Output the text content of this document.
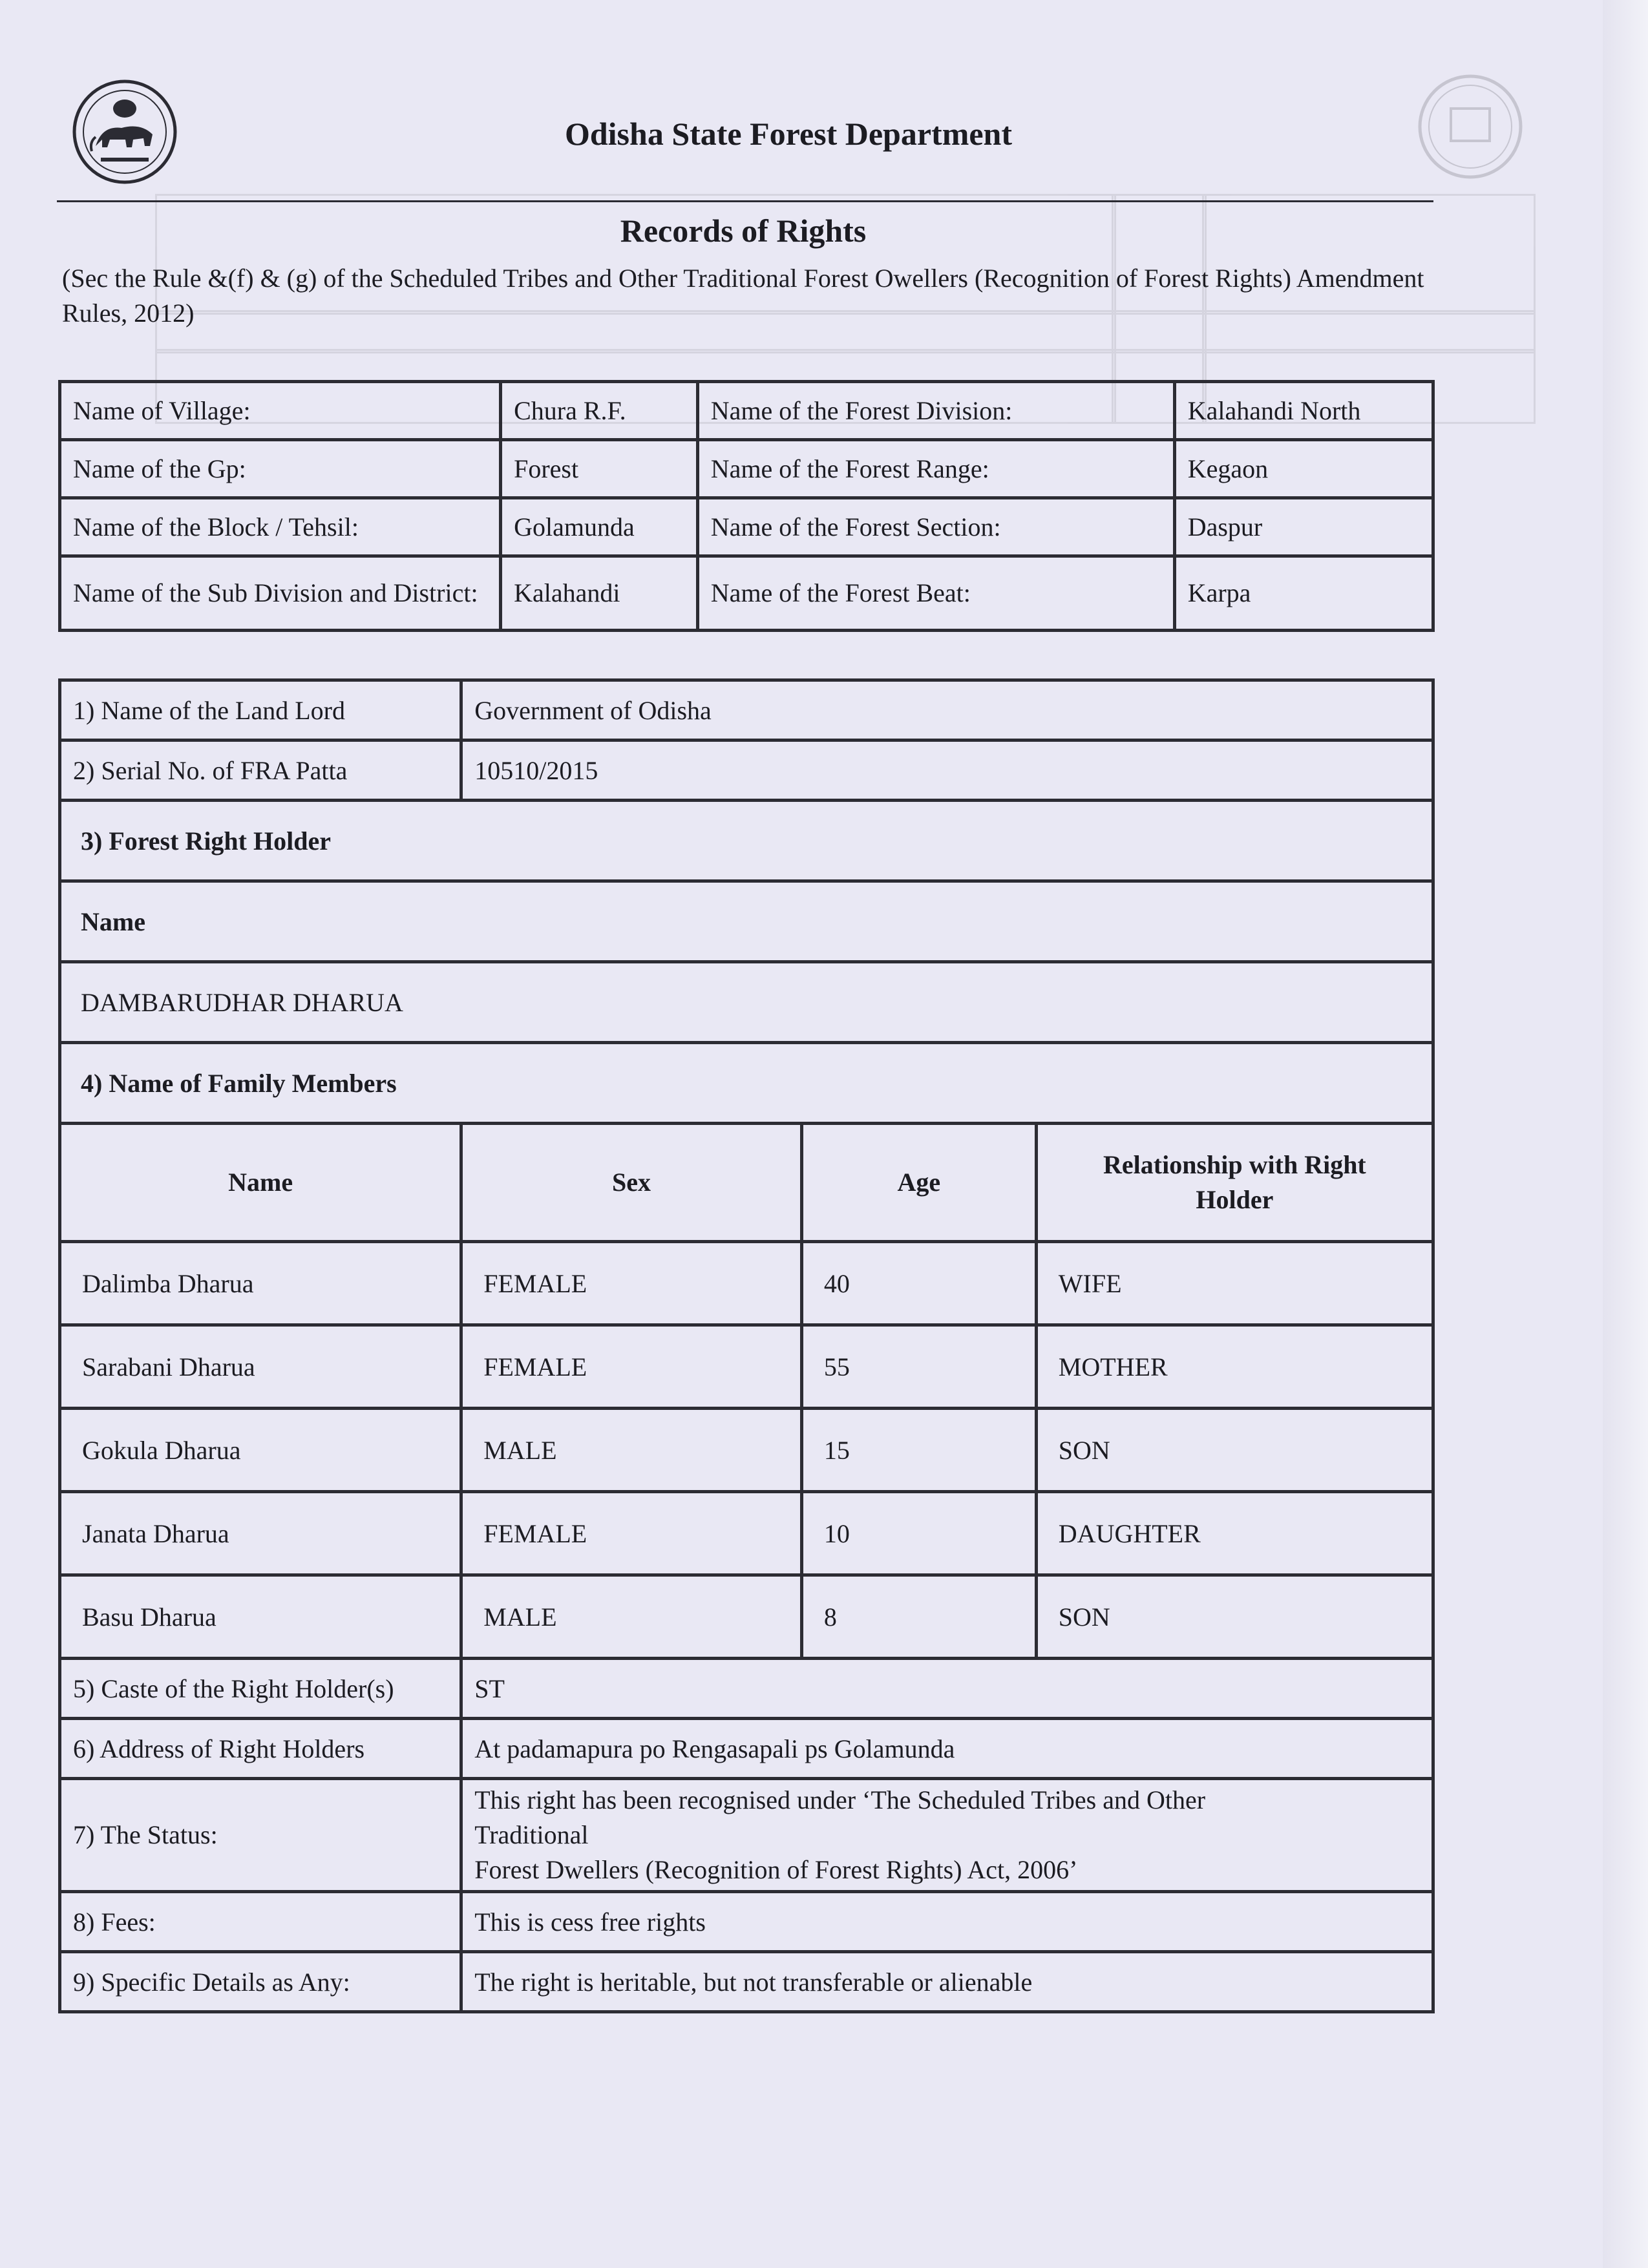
Odisha State Forest Department
Records of Rights
(Sec the Rule &(f) & (g) of the Scheduled Tribes and Other Traditional Forest Owellers (Recognition of Forest Rights) Amendment Rules, 2012)
Name of Village:	Chura R.F.	Name of the Forest Division:	Kalahandi North
Name of the Gp:	Forest	Name of the Forest Range:	Kegaon
Name of the Block / Tehsil:	Golamunda	Name of the Forest Section:	Daspur
Name of the Sub Division and District:	Kalahandi	Name of the Forest Beat:	Karpa
1) Name of the Land Lord	Government of Odisha		
2) Serial No. of FRA Patta	10510/2015		
3) Forest Right Holder			
Name			
DAMBARUDHAR DHARUA			
4) Name of Family Members			
Name	Sex	Age	Relationship with Right Holder
Dalimba Dharua	FEMALE	40	WIFE
Sarabani Dharua	FEMALE	55	MOTHER
Gokula Dharua	MALE	15	SON
Janata Dharua	FEMALE	10	DAUGHTER
Basu Dharua	MALE	8	SON
5) Caste of the Right Holder(s)	ST		
6) Address of Right Holders	At padamapura po Rengasapali ps Golamunda		
7) The Status:	This right has been recognised under ‘The Scheduled Tribes and Other
Traditional
Forest Dwellers (Recognition of Forest Rights) Act, 2006’		

8) Fees:	This is cess free rights		
9) Specific Details as Any:	The right is heritable, but not transferable or alienable		
